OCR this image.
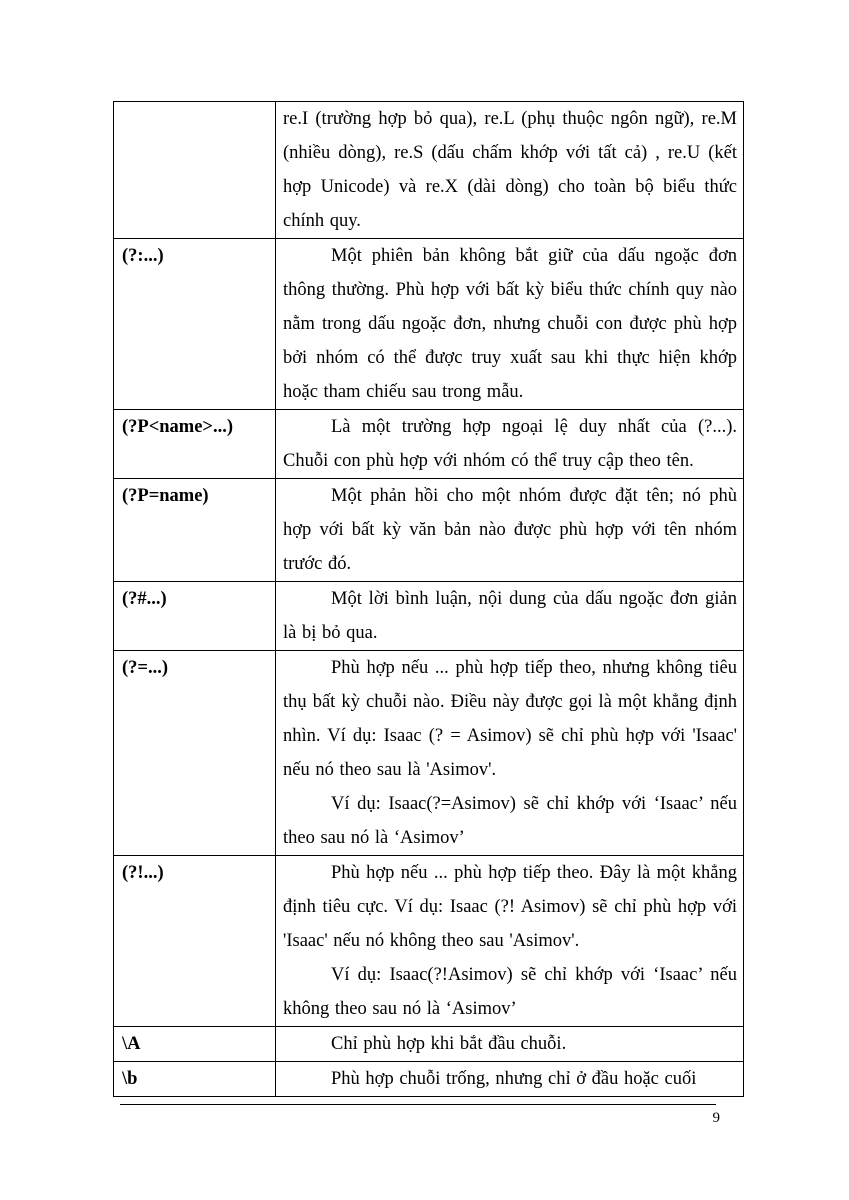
	re.I (trường hợp bỏ qua), re.L (phụ thuộc ngôn ngữ), re.M (nhiều dòng), re.S (dấu chấm khớp với tất cả) , re.U (kết hợp Unicode) và re.X (dài dòng) cho toàn bộ biểu thức chính quy.

(?:...)	Một phiên bản không bắt giữ của dấu ngoặc đơn thông thường. Phù hợp với bất kỳ biểu thức chính quy nào nằm trong dấu ngoặc đơn, nhưng chuỗi con được phù hợp bởi nhóm có thể được truy xuất sau khi thực hiện khớp hoặc tham chiếu sau trong mẫu.

(?P<name>...)	Là một trường hợp ngoại lệ duy nhất của (?...). Chuỗi con phù hợp với nhóm có thể truy cập theo tên.

(?P=name)	Một phản hồi cho một nhóm được đặt tên; nó phù hợp với bất kỳ văn bản nào được phù hợp với tên nhóm trước đó.

(?#...)	Một lời bình luận, nội dung của dấu ngoặc đơn giản là bị bỏ qua.

(?=...)	Phù hợp nếu ... phù hợp tiếp theo, nhưng không tiêu thụ bất kỳ chuỗi nào. Điều này được gọi là một khẳng định nhìn. Ví dụ: Isaac (? = Asimov) sẽ chỉ phù hợp với 'Isaac' nếu nó theo sau là 'Asimov'.

Ví dụ: Isaac(?=Asimov) sẽ chỉ khớp với ‘Isaac’ nếu theo sau nó là ‘Asimov’

(?!...)	Phù hợp nếu ... phù hợp tiếp theo. Đây là một khẳng định tiêu cực. Ví dụ: Isaac (?! Asimov) sẽ chỉ phù hợp với 'Isaac' nếu nó không theo sau 'Asimov'.

Ví dụ: Isaac(?!Asimov) sẽ chỉ khớp với ‘Isaac’ nếu không theo sau nó là ‘Asimov’

\A	Chỉ phù hợp khi bắt đầu chuỗi.

\b	Phù hợp chuỗi trống, nhưng chỉ ở đầu hoặc cuối

9
